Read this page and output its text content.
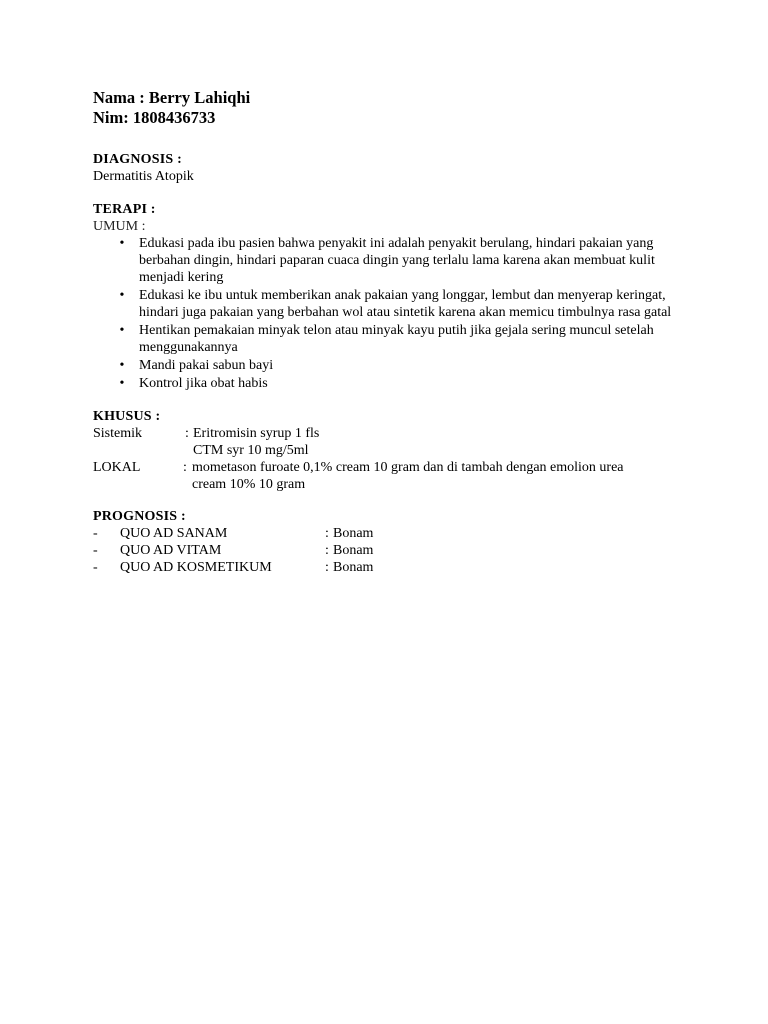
Nama : Berry Lahiqhi
Nim: 1808436733
DIAGNOSIS :
Dermatitis Atopik
TERAPI :
UMUM :
• Edukasi pada ibu pasien bahwa penyakit ini adalah penyakit berulang, hindari pakaian yang berbahan dingin, hindari paparan cuaca dingin yang terlalu lama karena akan membuat kulit menjadi kering
• Edukasi ke ibu untuk memberikan anak pakaian yang longgar, lembut dan menyerap keringat, hindari juga pakaian yang berbahan wol atau sintetik karena akan memicu timbulnya rasa gatal
• Hentikan pemakaian minyak telon atau minyak kayu putih jika gejala sering muncul setelah menggunakannya
• Mandi pakai sabun bayi
• Kontrol jika obat habis
KHUSUS :
Sistemik	: Eritromisin syrup 1 fls
CTM syr 10 mg/5ml
LOKAL	: mometason furoate 0,1% cream 10 gram dan di tambah dengan emolion urea
cream 10% 10 gram
PROGNOSIS :
- QUO AD SANAM	: Bonam
- QUO AD VITAM	: Bonam
- QUO AD KOSMETIKUM	: Bonam
